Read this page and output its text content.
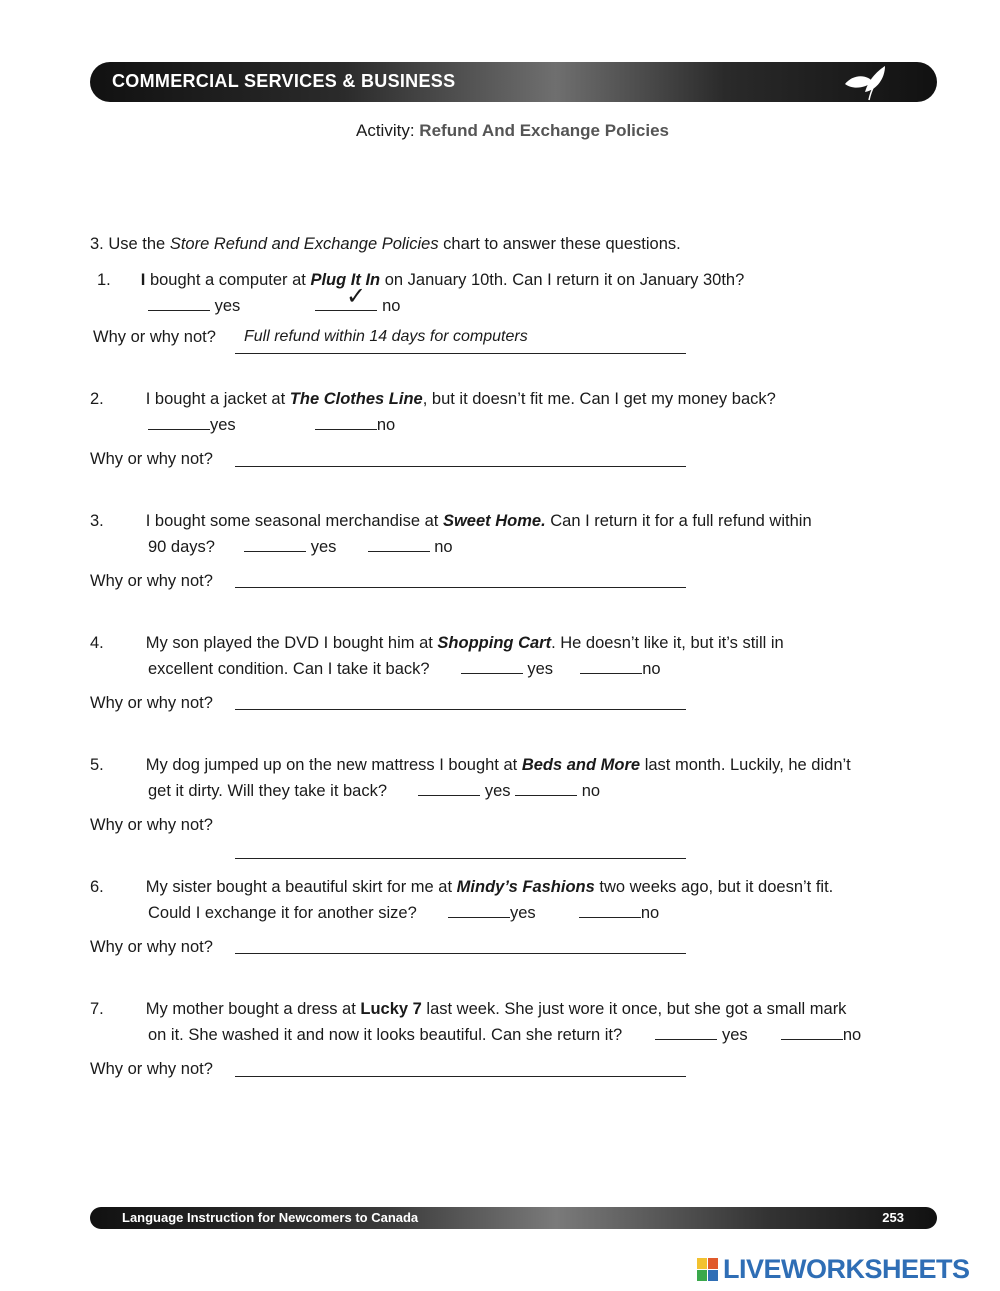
COMMERCIAL SERVICES & BUSINESS
Activity: Refund And Exchange Policies
3. Use the Store Refund and Exchange Policies chart to answer these questions.
1. I bought a computer at Plug It In on January 10th. Can I return it on January 30th?
yes	no
✓
Why or why not? Full refund within 14 days for computers
2.	I bought a jacket at The Clothes Line, but it doesn’t fit me. Can I get my money back?
yes	no
Why or why not?
3.	I bought some seasonal merchandise at Sweet Home. Can I return it for a full refund within
90 days?	yes	no
Why or why not?
4.	My son played the DVD I bought him at Shopping Cart. He doesn’t like it, but it’s still in
excellent condition. Can I take it back?	yes	no
Why or why not?
5.	My dog jumped up on the new mattress I bought at Beds and More last month. Luckily, he didn’t
get it dirty. Will they take it back?	yes	no
Why or why not?
6.	My sister bought a beautiful skirt for me at Mindy’s Fashions two weeks ago, but it doesn’t fit.
Could I exchange it for another size?	yes	no
Why or why not?
7.	My mother bought a dress at Lucky 7 last week. She just wore it once, but she got a small mark
on it. She washed it and now it looks beautiful. Can she return it?	yes	no
Why or why not?
Language Instruction for Newcomers to Canada	253
LIVEWORKSHEETS
